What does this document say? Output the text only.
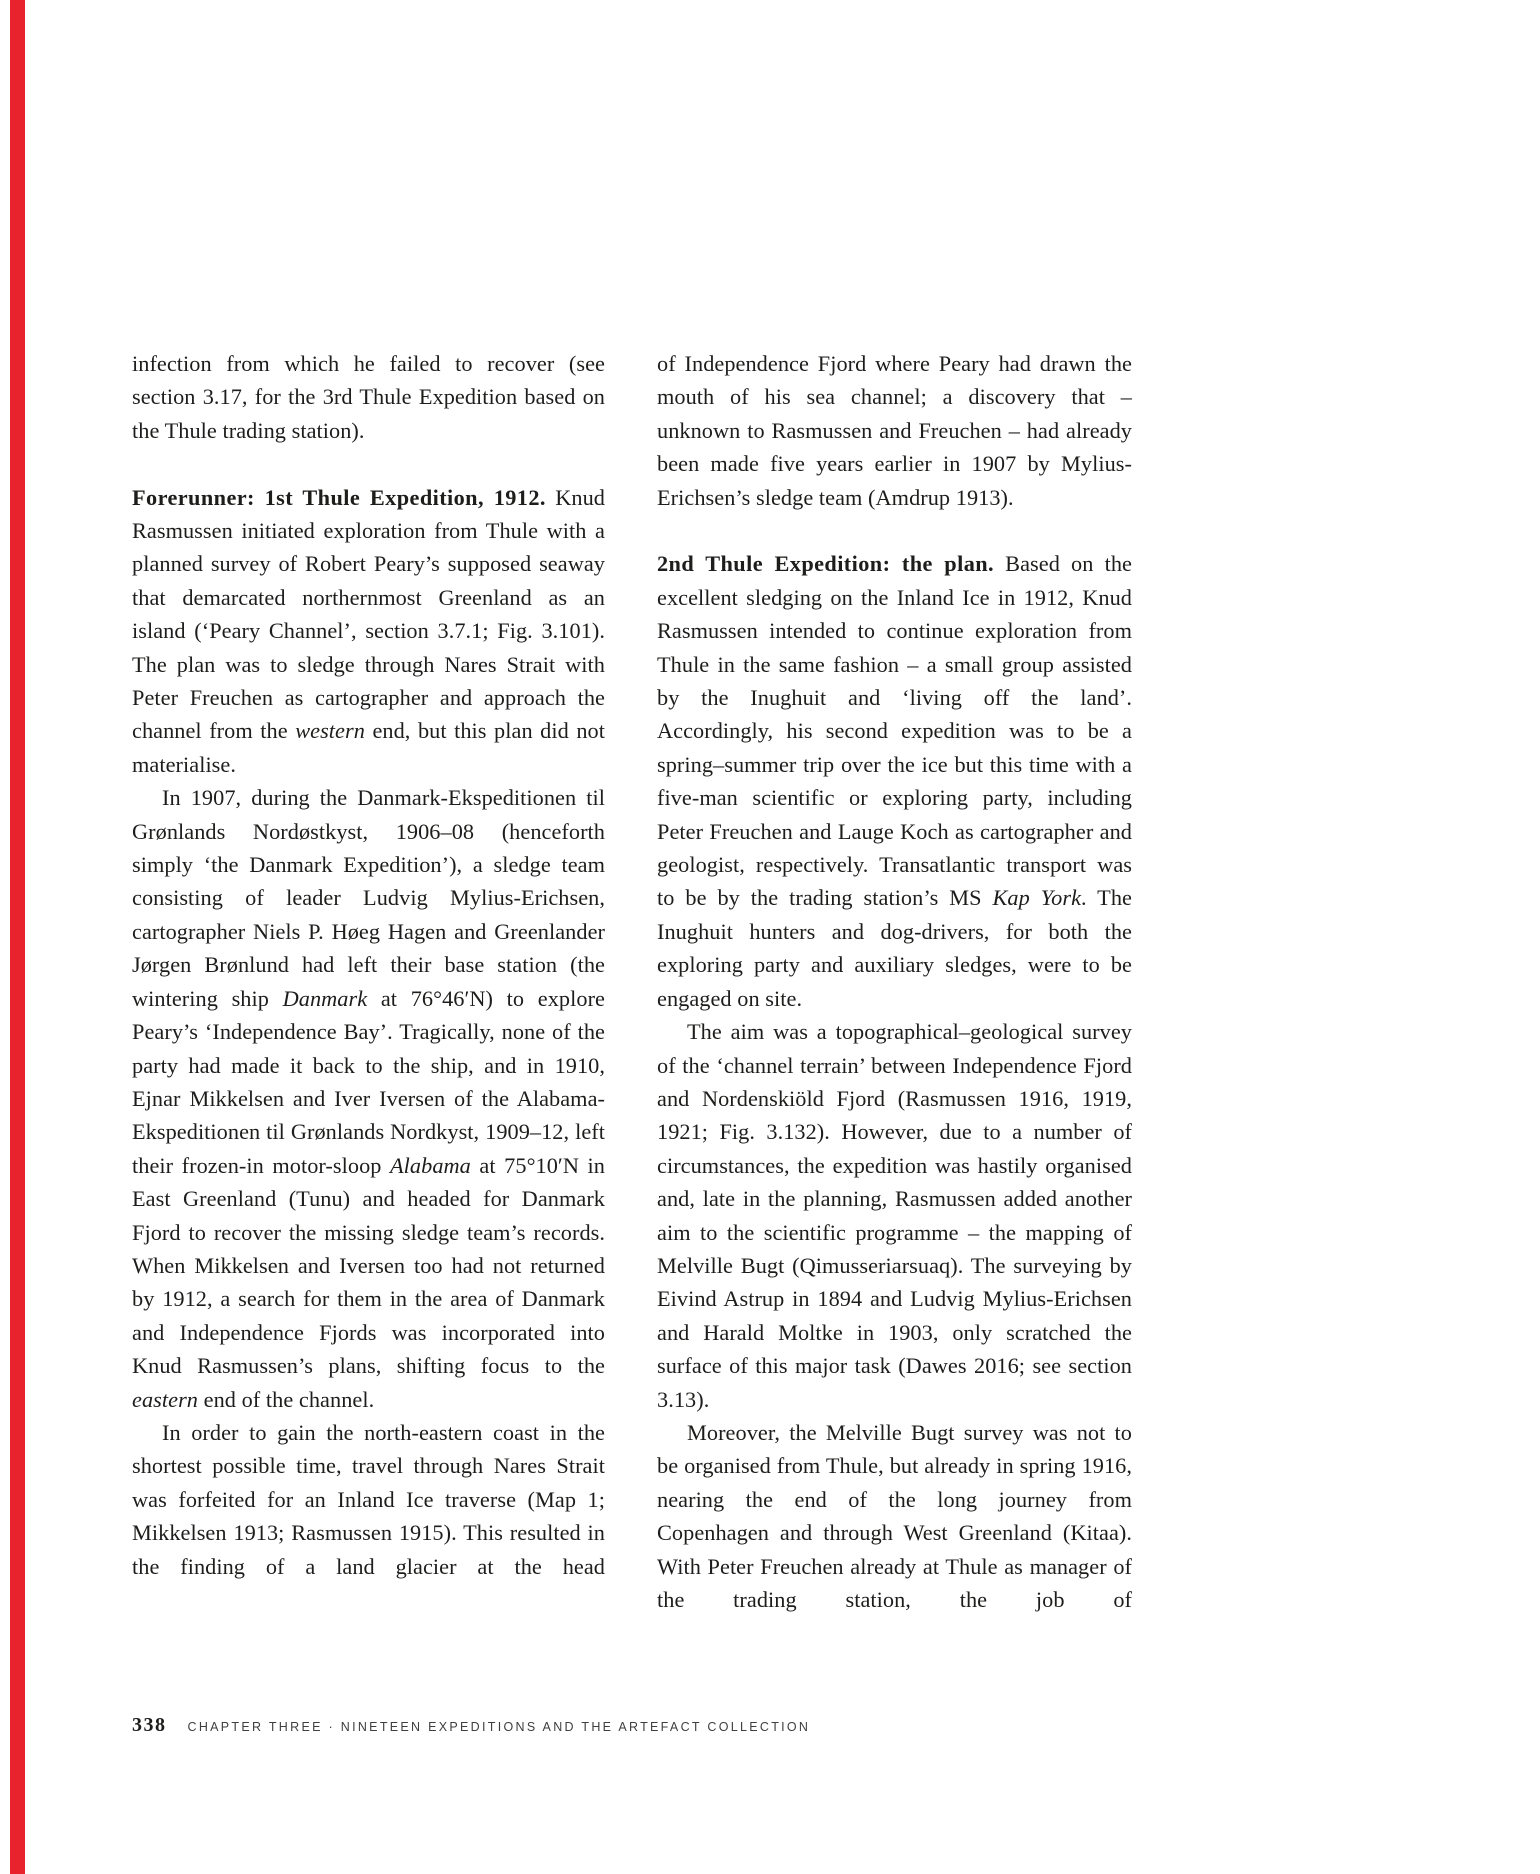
infection from which he failed to recover (see section 3.17, for the 3rd Thule Expedition based on the Thule trading station).

Forerunner: 1st Thule Expedition, 1912. Knud Rasmussen initiated exploration from Thule with a planned survey of Robert Peary’s supposed seaway that demarcated northernmost Greenland as an island (‘Peary Channel’, section 3.7.1; Fig. 3.101). The plan was to sledge through Nares Strait with Peter Freuchen as cartographer and approach the channel from the western end, but this plan did not materialise.

In 1907, during the Danmark-Ekspeditionen til Grønlands Nordøstkyst, 1906–08 (henceforth simply ‘the Danmark Expedition’), a sledge team consisting of leader Ludvig Mylius-Erichsen, cartographer Niels P. Høeg Hagen and Greenlander Jørgen Brønlund had left their base station (the wintering ship Danmark at 76°46′N) to explore Peary’s ‘Independence Bay’. Tragically, none of the party had made it back to the ship, and in 1910, Ejnar Mikkelsen and Iver Iversen of the Alabama-Ekspeditionen til Grønlands Nordkyst, 1909–12, left their frozen-in motor-sloop Alabama at 75°10′N in East Greenland (Tunu) and headed for Danmark Fjord to recover the missing sledge team’s records. When Mikkelsen and Iversen too had not returned by 1912, a search for them in the area of Danmark and Independence Fjords was incorporated into Knud Rasmussen’s plans, shifting focus to the eastern end of the channel.

In order to gain the north-eastern coast in the shortest possible time, travel through Nares Strait was forfeited for an Inland Ice traverse (Map 1; Mikkelsen 1913; Rasmussen 1915). This resulted in the finding of a land glacier at the head

of Independence Fjord where Peary had drawn the mouth of his sea channel; a discovery that – unknown to Rasmussen and Freuchen – had already been made five years earlier in 1907 by Mylius-Erichsen’s sledge team (Amdrup 1913).

2nd Thule Expedition: the plan. Based on the excellent sledging on the Inland Ice in 1912, Knud Rasmussen intended to continue exploration from Thule in the same fashion – a small group assisted by the Inughuit and ‘living off the land’. Accordingly, his second expedition was to be a spring–summer trip over the ice but this time with a five-man scientific or exploring party, including Peter Freuchen and Lauge Koch as cartographer and geologist, respectively. Transatlantic transport was to be by the trading station’s MS Kap York. The Inughuit hunters and dog-drivers, for both the exploring party and auxiliary sledges, were to be engaged on site.

The aim was a topographical–geological survey of the ‘channel terrain’ between Independence Fjord and Nordenskiöld Fjord (Rasmussen 1916, 1919, 1921; Fig. 3.132). However, due to a number of circumstances, the expedition was hastily organised and, late in the planning, Rasmussen added another aim to the scientific programme – the mapping of Melville Bugt (Qimusseriarsuaq). The surveying by Eivind Astrup in 1894 and Ludvig Mylius-Erichsen and Harald Moltke in 1903, only scratched the surface of this major task (Dawes 2016; see section 3.13).

Moreover, the Melville Bugt survey was not to be organised from Thule, but already in spring 1916, nearing the end of the long journey from Copenhagen and through West Greenland (Kitaa). With Peter Freuchen already at Thule as manager of the trading station, the job of

338 CHAPTER THREE · NINETEEN EXPEDITIONS AND THE ARTEFACT COLLECTION
